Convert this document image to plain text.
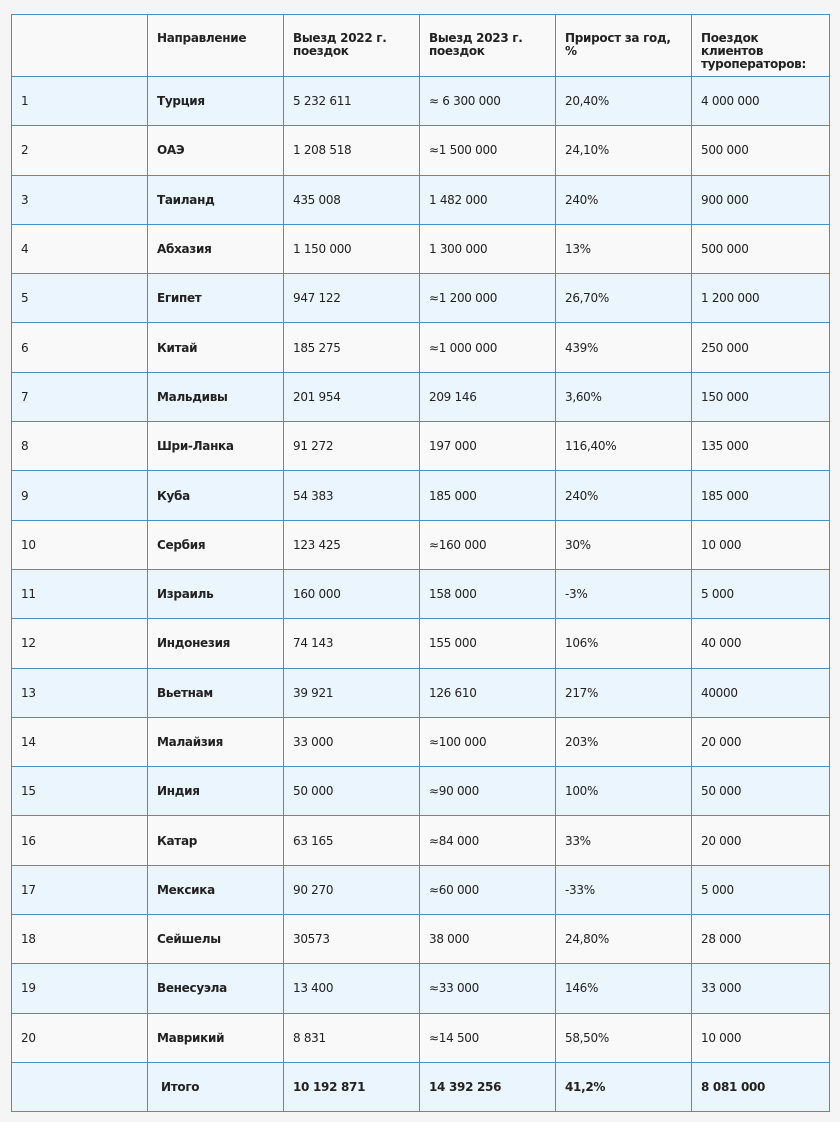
	Направление	Выезд 2022 г. поездок	Выезд 2023 г. поездок	Прирост за год, %	Поездок клиентов туроператоров:
1	Турция	5 232 611	≈ 6 300 000	20,40%	4 000 000
2	ОАЭ	1 208 518	≈1 500 000	24,10%	500 000
3	Таиланд	435 008	1 482 000	240%	900 000
4	Абхазия	1 150 000	1 300 000	13%	500 000
5	Египет	947 122	≈1 200 000	26,70%	1 200 000
6	Китай	185 275	≈1 000 000	439%	250 000
7	Мальдивы	201 954	209 146	3,60%	150 000
8	Шри-Ланка	91 272	197 000	116,40%	135 000
9	Куба	54 383	185 000	240%	185 000
10	Сербия	123 425	≈160 000	30%	10 000
11	Израиль	160 000	158 000	-3%	5 000
12	Индонезия	74 143	155 000	106%	40 000
13	Вьетнам	39 921	126 610	217%	40000
14	Малайзия	33 000	≈100 000	203%	20 000
15	Индия	50 000	≈90 000	100%	50 000
16	Катар	63 165	≈84 000	33%	20 000
17	Мексика	90 270	≈60 000	-33%	5 000
18	Сейшелы	30573	38 000	24,80%	28 000
19	Венесуэла	13 400	≈33 000	146%	33 000
20	Маврикий	8 831	≈14 500	58,50%	10 000
	Итого	10 192 871	14 392 256	41,2%	8 081 000
